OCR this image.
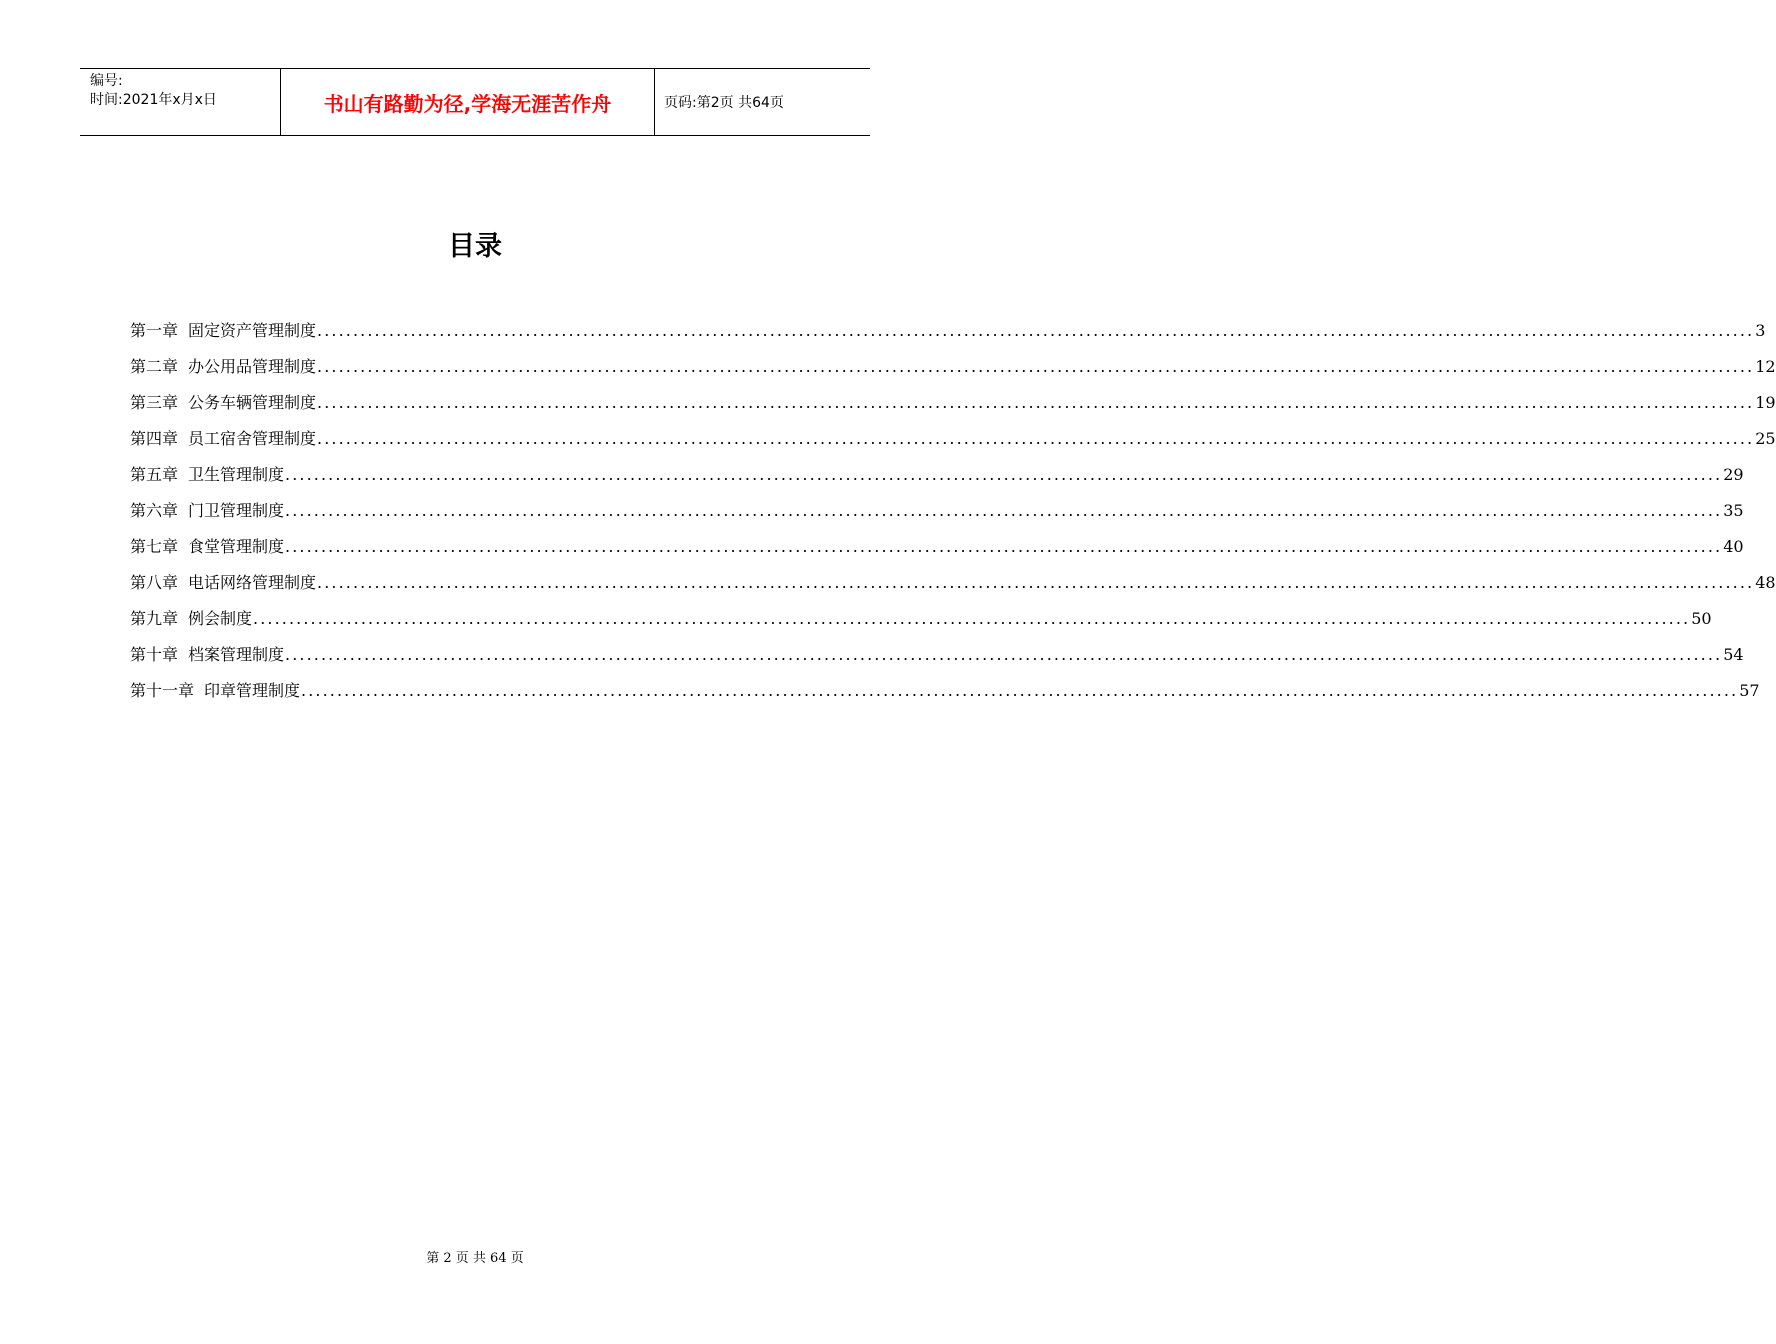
编号:
时间:2021年x月x日	书山有路勤为径,学海无涯苦作舟	页码:第2页 共64页
目录
第一章 固定资产管理制度 ........................................................................................................................................................................................................ 3
第二章 办公用品管理制度 ........................................................................................................................................................................................................ 12
第三章 公务车辆管理制度 ........................................................................................................................................................................................................ 19
第四章 员工宿舍管理制度 ........................................................................................................................................................................................................ 25
第五章 卫生管理制度 ........................................................................................................................................................................................................ 29
第六章 门卫管理制度 ........................................................................................................................................................................................................ 35
第七章 食堂管理制度 ........................................................................................................................................................................................................ 40
第八章 电话网络管理制度 ........................................................................................................................................................................................................ 48
第九章 例会制度 ........................................................................................................................................................................................................ 50
第十章 档案管理制度 ........................................................................................................................................................................................................ 54
第十一章 印章管理制度 ........................................................................................................................................................................................................ 57
第 2 页 共 64 页
